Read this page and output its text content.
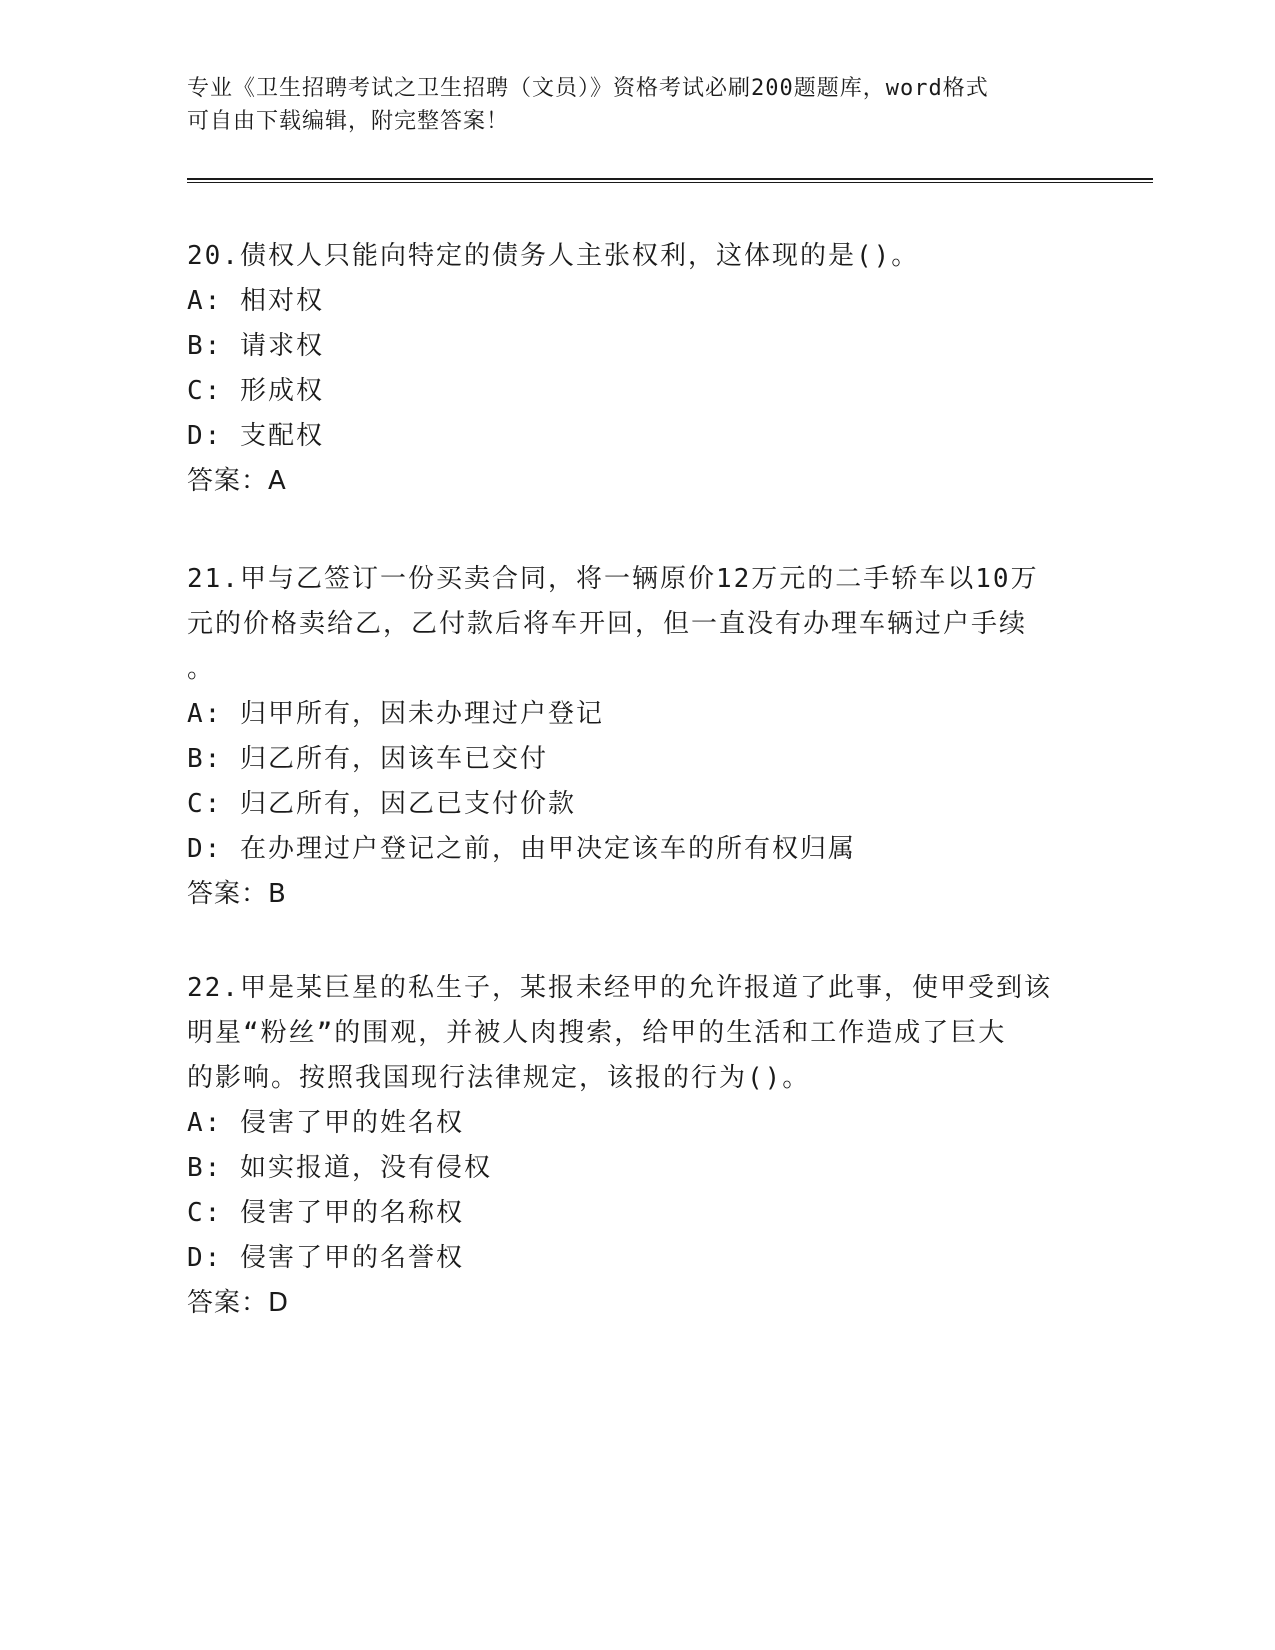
专业《卫生招聘考试之卫生招聘（文员）》资格考试必刷200题题库，word格式
可自由下载编辑，附完整答案！

20.债权人只能向特定的债务人主张权利，这体现的是()。

A: 相对权

B: 请求权

C: 形成权

D: 支配权

答案：A

21.甲与乙签订一份买卖合同，将一辆原价12万元的二手轿车以10万

元的价格卖给乙，乙付款后将车开回，但一直没有办理车辆过户手续

。

A: 归甲所有，因未办理过户登记

B: 归乙所有，因该车已交付

C: 归乙所有，因乙已支付价款

D: 在办理过户登记之前，由甲决定该车的所有权归属

答案：B

22.甲是某巨星的私生子，某报未经甲的允许报道了此事，使甲受到该

明星“粉丝”的围观，并被人肉搜索，给甲的生活和工作造成了巨大

的影响。按照我国现行法律规定，该报的行为()。

A: 侵害了甲的姓名权

B: 如实报道，没有侵权

C: 侵害了甲的名称权

D: 侵害了甲的名誉权

答案：D
